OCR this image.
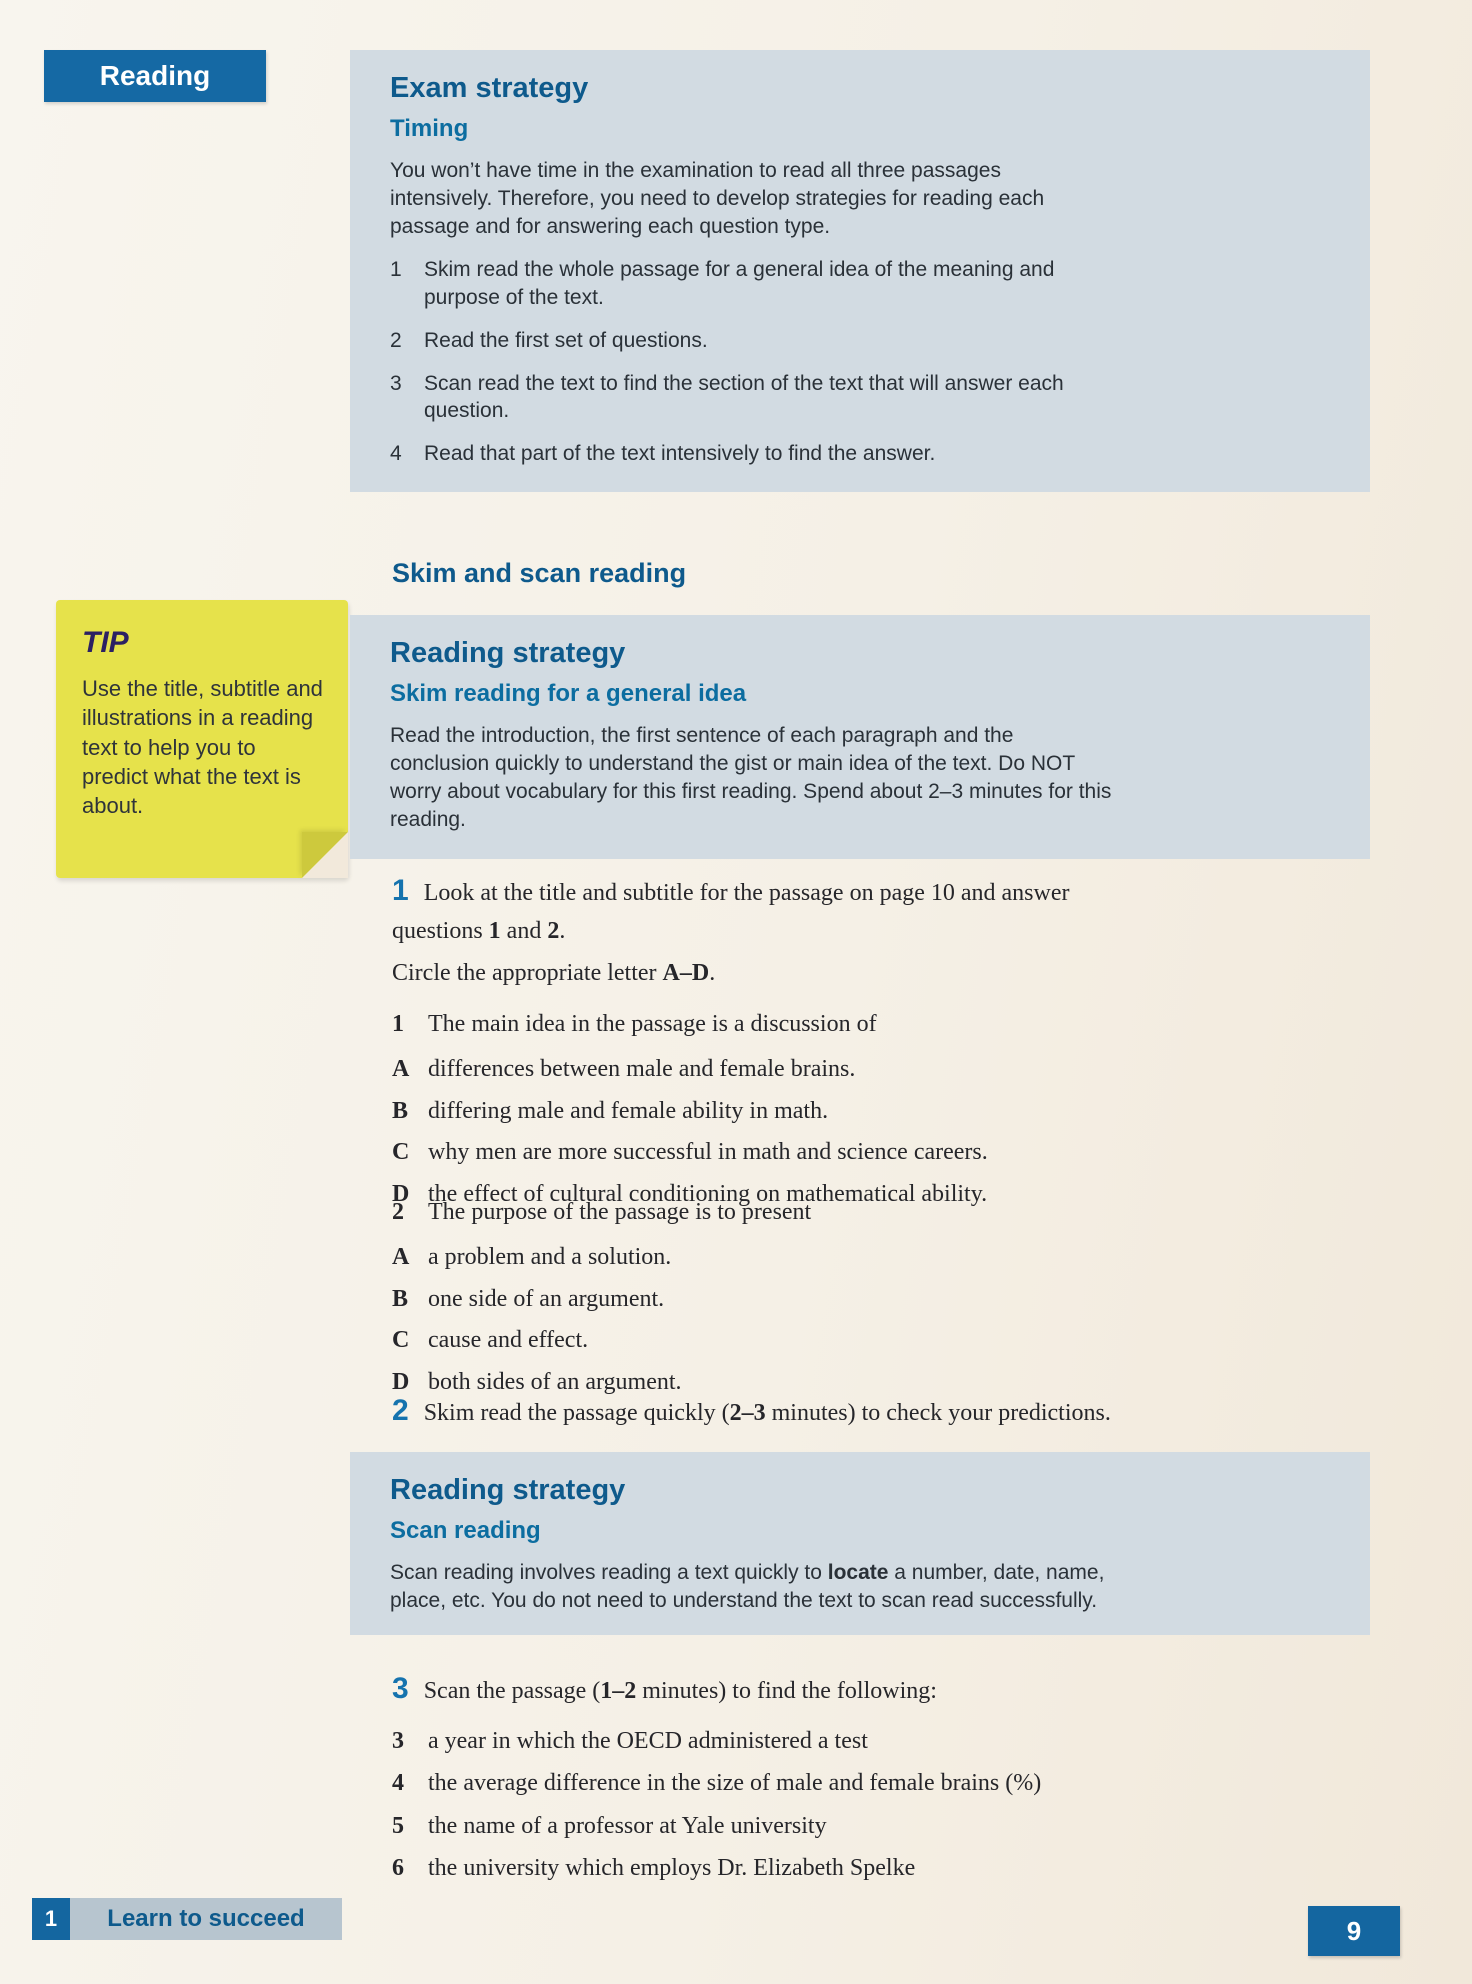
Reading	Exam strategy
Timing

You won’t have time in the examination to read all three passages intensively. Therefore, you need to develop strategies for reading each passage and for answering each question type.

1	Skim read the whole passage for a general idea of the meaning and purpose of the text.
2	Read the first set of questions.
3	Scan read the text to find the section of the text that will answer each question.
4	Read that part of the text intensively to find the answer.
Skim and scan reading
TIP
Use the title, subtitle and illustrations in a reading text to help you to predict what the text is about.
Reading strategy
Skim reading for a general idea

Read the introduction, the first sentence of each paragraph and the conclusion quickly to understand the gist or main idea of the text. Do NOT worry about vocabulary for this first reading. Spend about 2–3 minutes for this reading.

1 Look at the title and subtitle for the passage on page 10 and answer questions 1 and 2.

Circle the appropriate letter A–D.

1	The main idea in the passage is a discussion of
A differences between male and female brains.
B differing male and female ability in math.
C why men are more successful in math and science careers.
D the effect of cultural conditioning on mathematical ability.
2	The purpose of the passage is to present
A a problem and a solution.
B one side of an argument.
C cause and effect.
D both sides of an argument.

2 Skim read the passage quickly (2–3 minutes) to check your predictions.

Reading strategy
Scan reading

Scan reading involves reading a text quickly to locate a number, date, name, place, etc. You do not need to understand the text to scan read successfully.

3 Scan the passage (1–2 minutes) to find the following:

3	a year in which the OECD administered a test
4	the average difference in the size of male and female brains (%)
5	the name of a professor at Yale university
6	the university which employs Dr. Elizabeth Spelke
1	Learn to succeed	9
